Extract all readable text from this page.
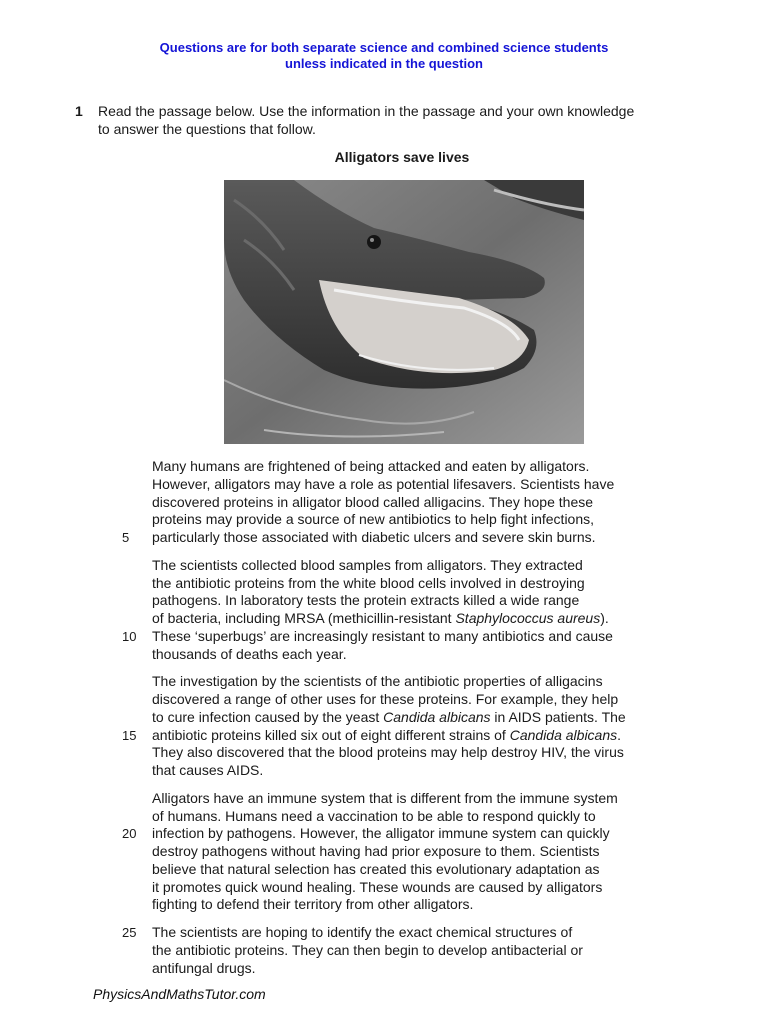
Questions are for both separate science and combined science students
unless indicated in the question
1 Read the passage below. Use the information in the passage and your own knowledge
to answer the questions that follow.
Alligators save lives
Many humans are frightened of being attacked and eaten by alligators.
However, alligators may have a role as potential lifesavers. Scientists have
discovered proteins in alligator blood called alligacins. They hope these
proteins may provide a source of new antibiotics to help fight infections,
5 particularly those associated with diabetic ulcers and severe skin burns.
The scientists collected blood samples from alligators. They extracted
the antibiotic proteins from the white blood cells involved in destroying
pathogens. In laboratory tests the protein extracts killed a wide range
of bacteria, including MRSA (methicillin-resistant Staphylococcus aureus).
10 These ‘superbugs’ are increasingly resistant to many antibiotics and cause
thousands of deaths each year.
The investigation by the scientists of the antibiotic properties of alligacins
discovered a range of other uses for these proteins. For example, they help
to cure infection caused by the yeast Candida albicans in AIDS patients. The
15 antibiotic proteins killed six out of eight different strains of Candida albicans.
They also discovered that the blood proteins may help destroy HIV, the virus
that causes AIDS.
Alligators have an immune system that is different from the immune system
of humans. Humans need a vaccination to be able to respond quickly to
20 infection by pathogens. However, the alligator immune system can quickly
destroy pathogens without having had prior exposure to them. Scientists
believe that natural selection has created this evolutionary adaptation as
it promotes quick wound healing. These wounds are caused by alligators
fighting to defend their territory from other alligators.
25 The scientists are hoping to identify the exact chemical structures of
the antibiotic proteins. They can then begin to develop antibacterial or
antifungal drugs.
PhysicsAndMathsTutor.com
